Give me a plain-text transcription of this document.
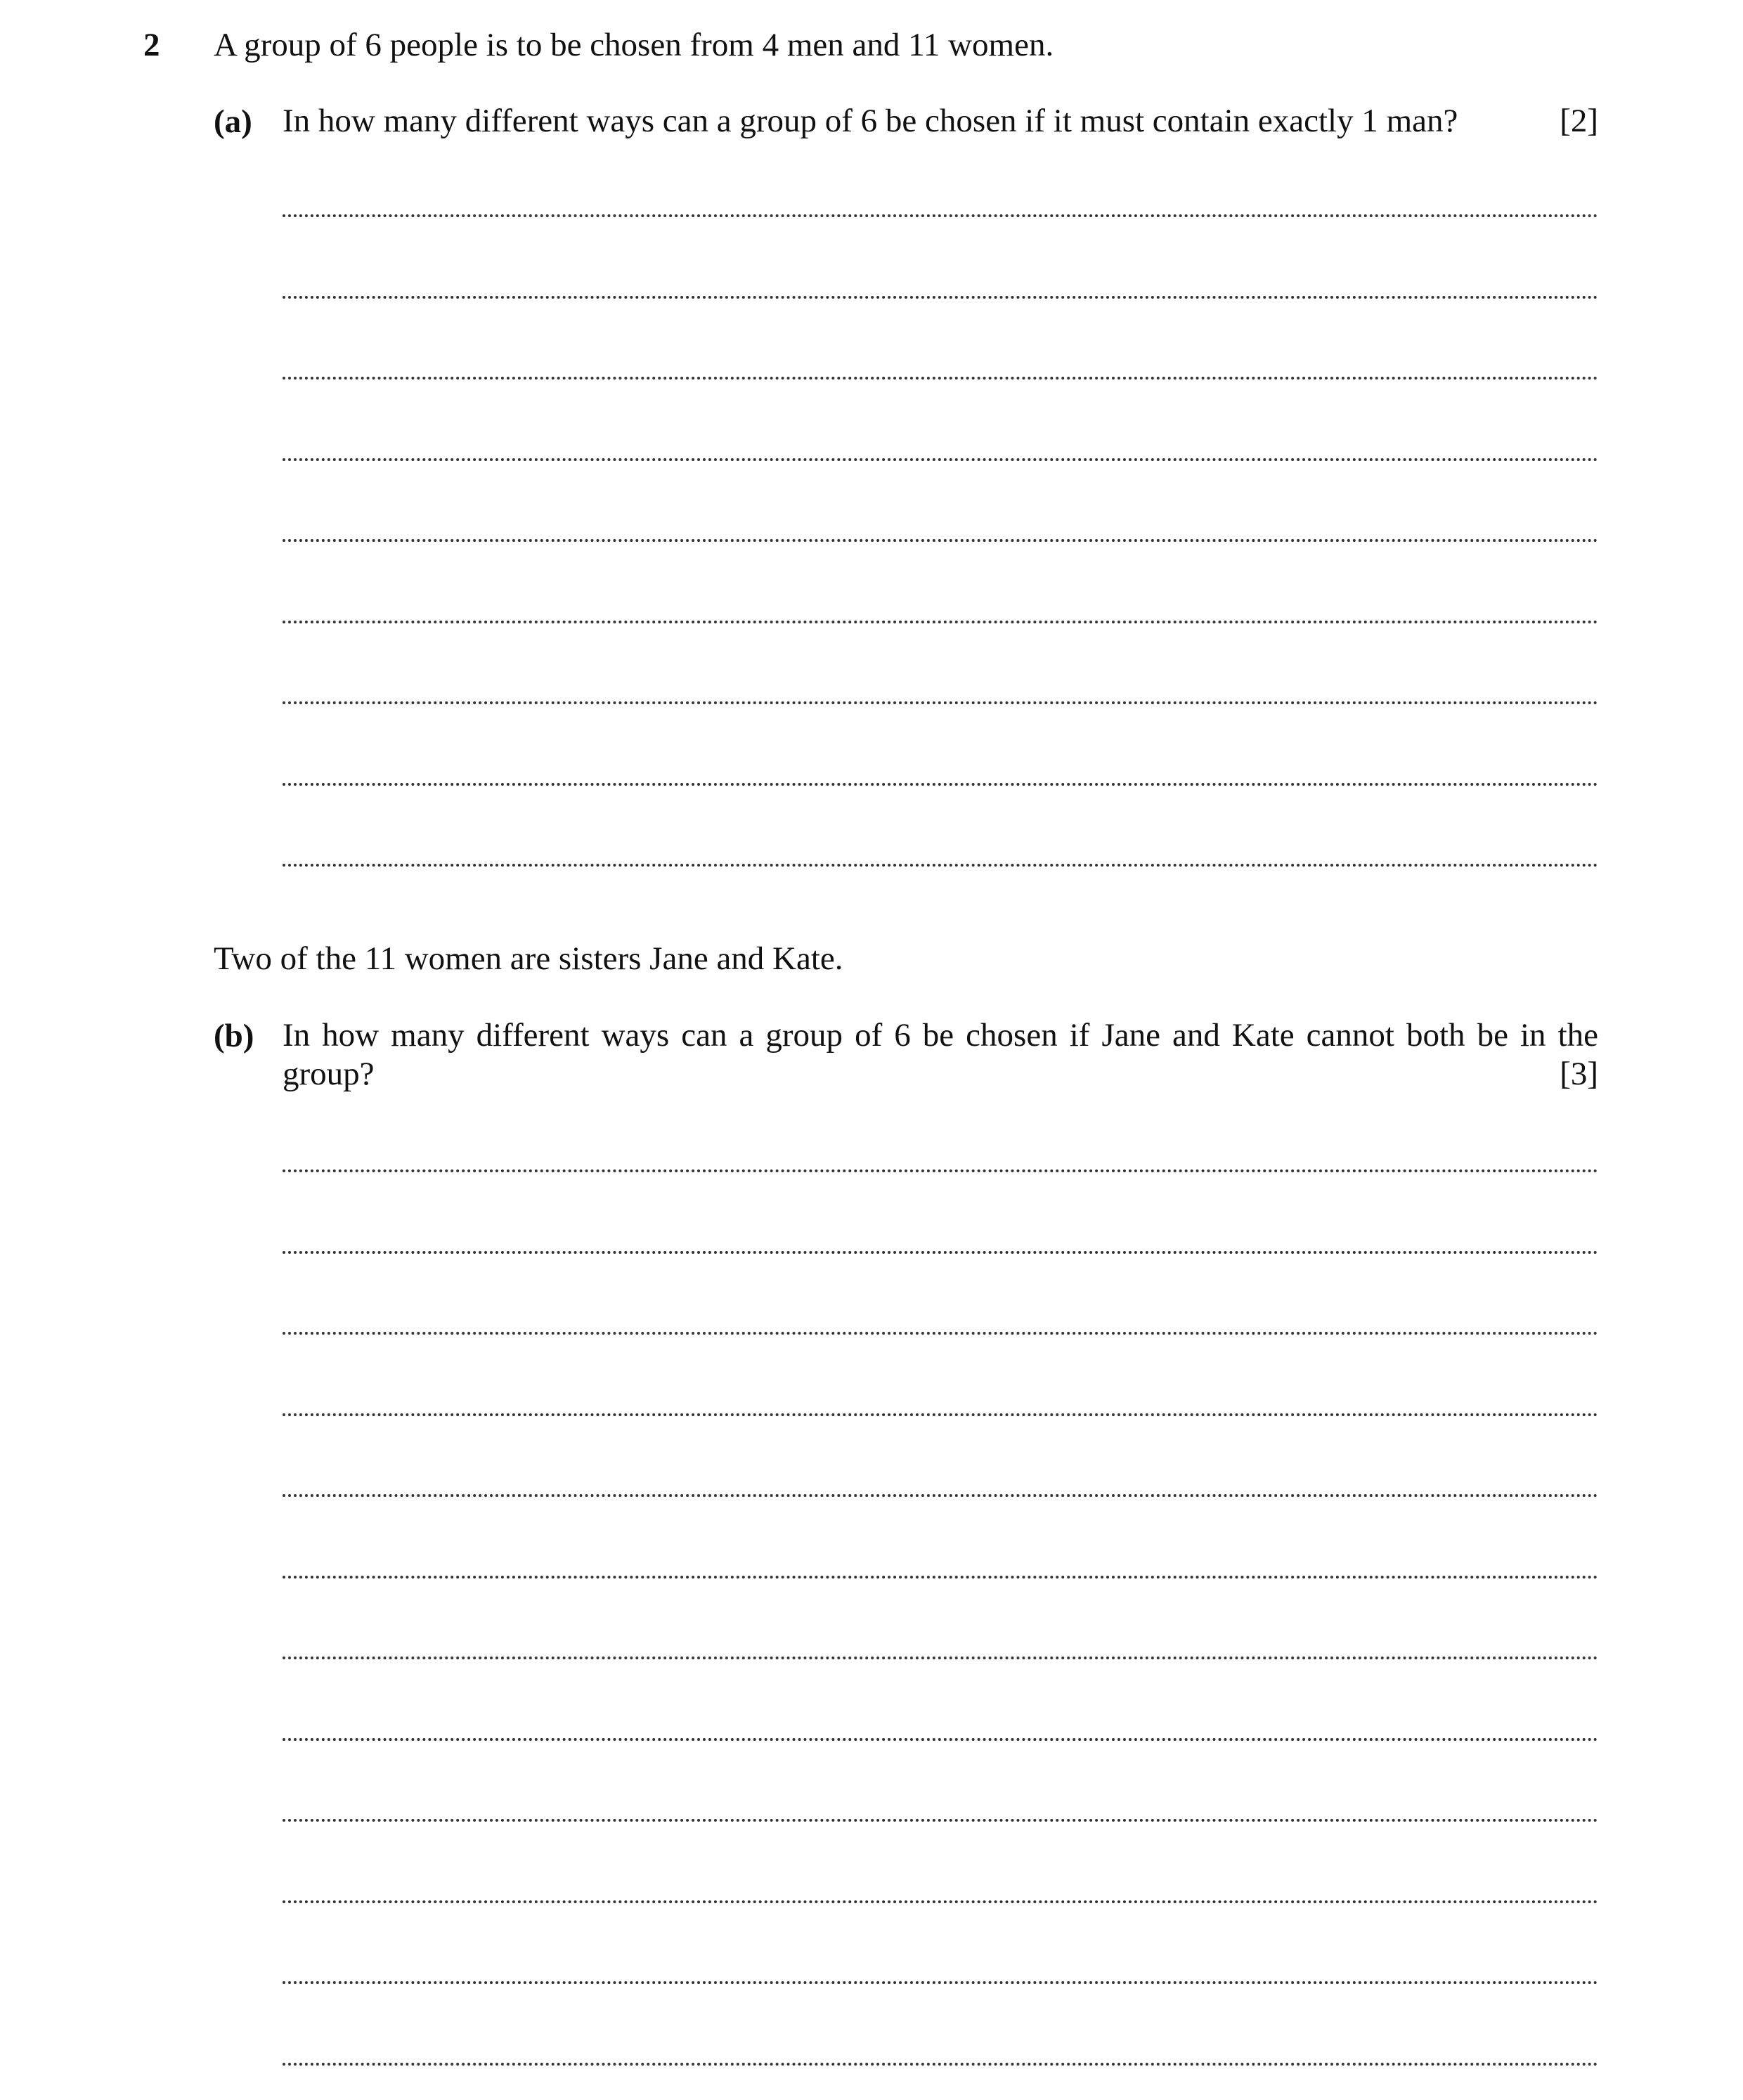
2 A group of 6 people is to be chosen from 4 men and 11 women.
(a) In how many different ways can a group of 6 be chosen if it must contain exactly 1 man?	[2]
Two of the 11 women are sisters Jane and Kate.
(b) In how many different ways can a group of 6 be chosen if Jane and Kate cannot both be in the
group?	[3]
